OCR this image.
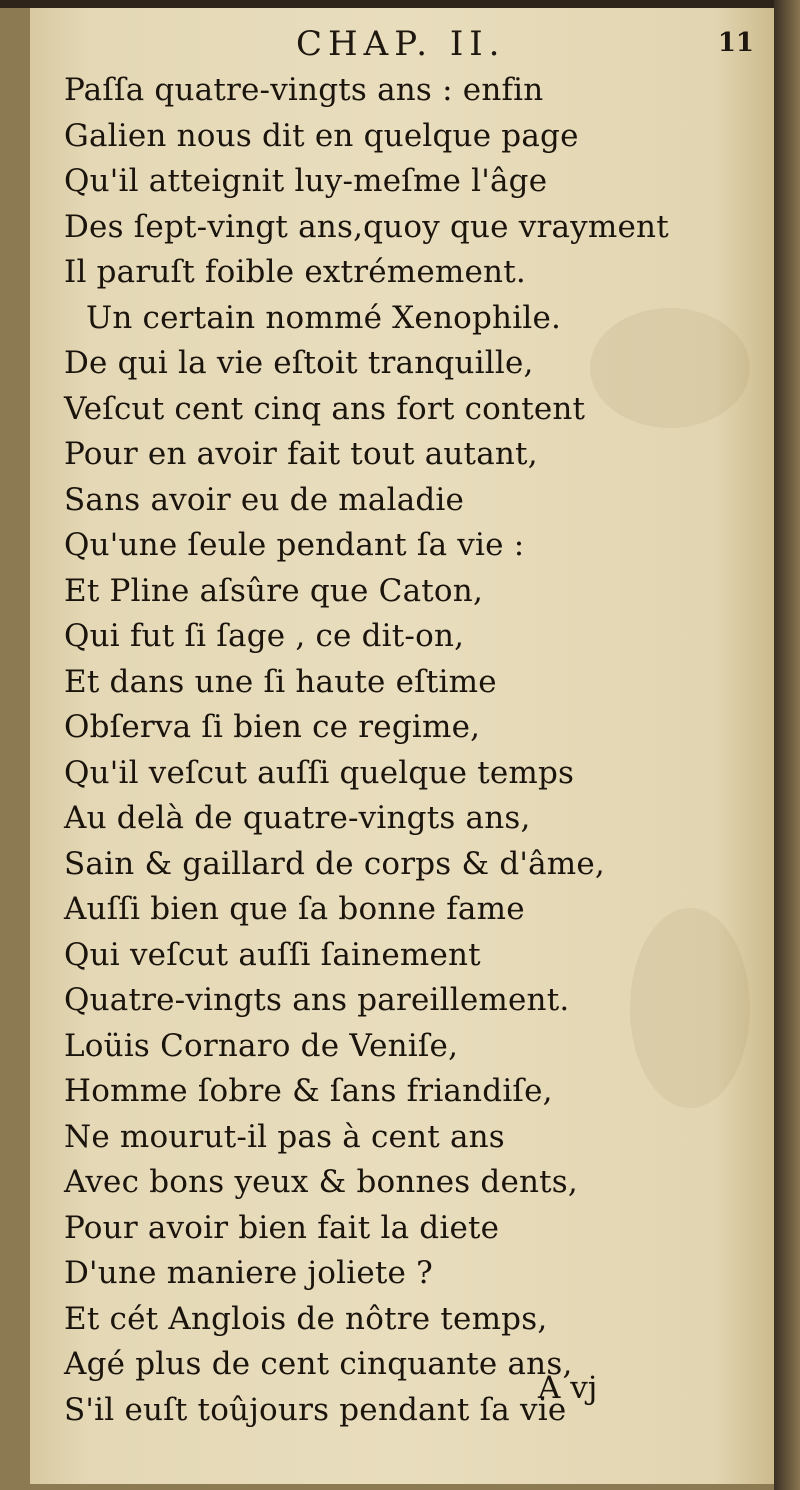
CHAP. II.	11
Paſſa quatre-vingts ans : enfin
Galien nous dit en quelque page
Qu'il atteignit luy-meſme l'âge
Des ſept-vingt ans,quoy que vrayment
Il paruſt foible extrémement.
Un certain nommé Xenophile.
De qui la vie eſtoit tranquille,
Veſcut cent cinq ans fort content
Pour en avoir fait tout autant,
Sans avoir eu de maladie
Qu'une ſeule pendant ſa vie :
Et Pline aſsûre que Caton,
Qui fut ſi ſage , ce dit-on,
Et dans une ſi haute eſtime
Obſerva ſi bien ce regime,
Qu'il veſcut auſſi quelque temps
Au delà de quatre-vingts ans,
Sain & gaillard de corps & d'âme,
Auſſi bien que ſa bonne fame
Qui veſcut auſſi ſainement
Quatre-vingts ans pareillement.
Loüis Cornaro de Veniſe,
Homme ſobre & ſans friandiſe,
Ne mourut-il pas à cent ans
Avec bons yeux & bonnes dents,
Pour avoir bien fait la diete
D'une maniere joliete ?
Et cét Anglois de nôtre temps,
Agé plus de cent cinquante ans,
S'il euſt toûjours pendant ſa vie
A vj
